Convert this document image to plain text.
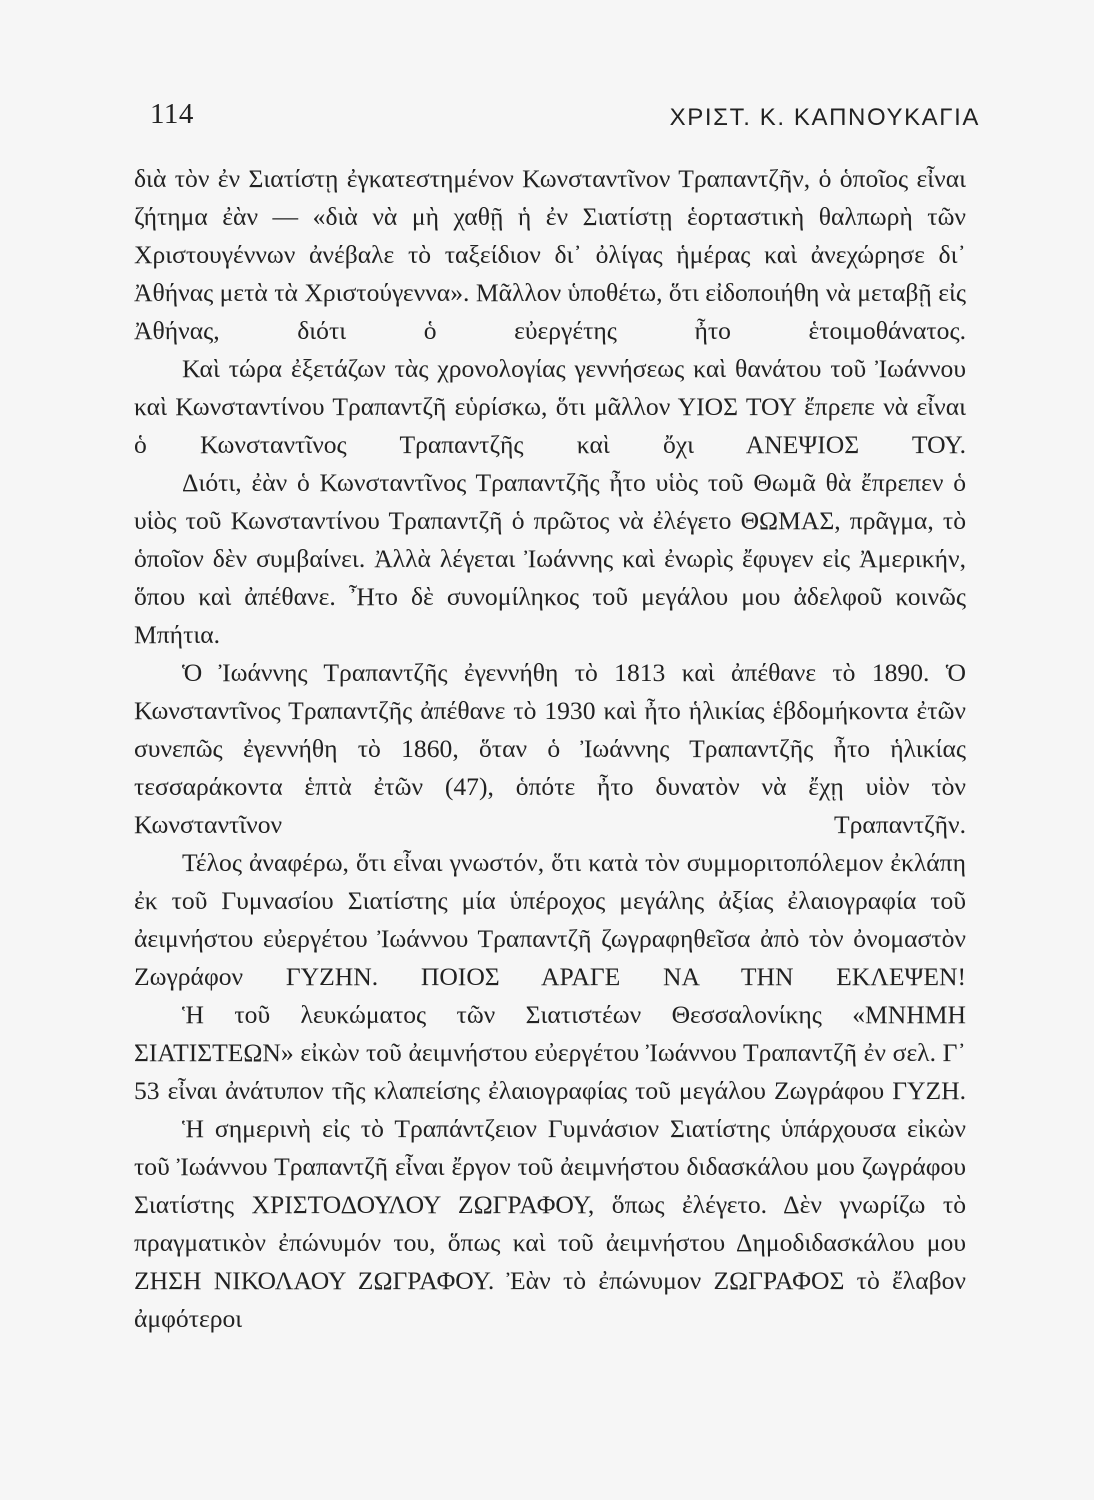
114	ΧΡΙΣΤ. Κ. ΚΑΠΝΟΥΚΑΓΙΑ

διὰ τὸν ἐν Σιατίστῃ ἐγκατεστημένον Κωνσταντῖνον Τραπαντζῆν, ὁ ὁποῖος εἶναι ζήτημα ἐὰν — «διὰ νὰ μὴ χαθῇ ἡ ἐν Σιατίστῃ ἑορταστικὴ θαλπωρὴ τῶν Χριστουγέννων ἀνέβαλε τὸ ταξείδιον δι᾽ ὀλίγας ἡμέρας καὶ ἀνεχώρησε δι᾽ Ἀθήνας μετὰ τὰ Χριστούγεννα». Μᾶλλον ὑποθέτω, ὅτι εἰδοποιήθη νὰ μεταβῇ εἰς Ἀθήνας, διότι ὁ εὐεργέτης ἦτο ἑτοιμοθάνατος.

Καὶ τώρα ἐξετάζων τὰς χρονολογίας γεννήσεως καὶ θανάτου τοῦ Ἰωάννου καὶ Κωνσταντίνου Τραπαντζῆ εὑρίσκω, ὅτι μᾶλλον ΥΙΟΣ ΤΟΥ ἔπρεπε νὰ εἶναι ὁ Κωνσταντῖνος Τραπαντζῆς καὶ ὄχι ΑΝΕΨΙΟΣ ΤΟΥ.

Διότι, ἐὰν ὁ Κωνσταντῖνος Τραπαντζῆς ἦτο υἱὸς τοῦ Θωμᾶ θὰ ἔπρεπεν ὁ υἱὸς τοῦ Κωνσταντίνου Τραπαντζῆ ὁ πρῶτος νὰ ἐλέγετο ΘΩΜΑΣ, πρᾶγμα, τὸ ὁποῖον δὲν συμβαίνει. Ἀλλὰ λέγεται Ἰωάννης καὶ ἐνωρὶς ἔφυγεν εἰς Ἀμερικήν, ὅπου καὶ ἀπέθανε. Ἦτο δὲ συνομίληκος τοῦ μεγάλου μου ἀδελφοῦ κοινῶς Μπήτια.

Ὁ Ἰωάννης Τραπαντζῆς ἐγεννήθη τὸ 1813 καὶ ἀπέθανε τὸ 1890. Ὁ Κωνσταντῖνος Τραπαντζῆς ἀπέθανε τὸ 1930 καὶ ἦτο ἡλικίας ἑβδομήκοντα ἐτῶν συνεπῶς ἐγεννήθη τὸ 1860, ὅταν ὁ Ἰωάννης Τραπαντζῆς ἦτο ἡλικίας τεσσαράκοντα ἑπτὰ ἐτῶν (47), ὁπότε ἦτο δυνατὸν νὰ ἔχῃ υἱὸν τὸν Κωνσταντῖνον Τραπαντζῆν.

Τέλος ἀναφέρω, ὅτι εἶναι γνωστόν, ὅτι κατὰ τὸν συμμοριτοπόλεμον ἐκλάπη ἐκ τοῦ Γυμνασίου Σιατίστης μία ὑπέροχος μεγάλης ἀξίας ἐλαιογραφία τοῦ ἀειμνήστου εὐεργέτου Ἰωάννου Τραπαντζῆ ζωγραφηθεῖσα ἀπὸ τὸν ὀνομαστὸν Ζωγράφον ΓΥΖΗΝ. ΠΟΙΟΣ ΑΡΑΓΕ ΝΑ ΤΗΝ ΕΚΛΕΨΕΝ!

Ἡ τοῦ λευκώματος τῶν Σιατιστέων Θεσσαλονίκης «ΜΝΗΜΗ ΣΙΑΤΙΣΤΕΩΝ» εἰκὼν τοῦ ἀειμνήστου εὐεργέτου Ἰωάννου Τραπαντζῆ ἐν σελ. Γ᾽ 53 εἶναι ἀνάτυπον τῆς κλαπείσης ἐλαιογραφίας τοῦ μεγάλου Ζωγράφου ΓΥΖΗ.

Ἡ σημερινὴ εἰς τὸ Τραπάντζειον Γυμνάσιον Σιατίστης ὑπάρχουσα εἰκὼν τοῦ Ἰωάννου Τραπαντζῆ εἶναι ἔργον τοῦ ἀειμνήστου διδασκάλου μου ζωγράφου Σιατίστης ΧΡΙΣΤΟΔΟΥΛΟΥ ΖΩΓΡΑΦΟΥ, ὅπως ἐλέγετο. Δὲν γνωρίζω τὸ πραγματικὸν ἐπώνυμόν του, ὅπως καὶ τοῦ ἀειμνήστου Δημοδιδασκάλου μου ΖΗΣΗ ΝΙΚΟΛΑΟΥ ΖΩΓΡΑΦΟΥ. Ἐὰν τὸ ἐπώνυμον ΖΩΓΡΑΦΟΣ τὸ ἔλαβον ἀμφότεροι
